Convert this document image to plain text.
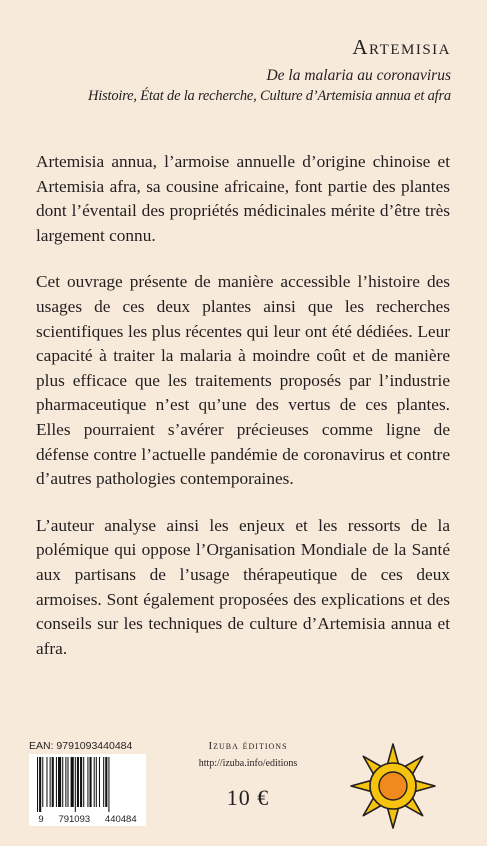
Artemisia
De la malaria au coronavirus
Histoire, État de la recherche, Culture d’Artemisia annua et afra

Artemisia annua, l’armoise annuelle d’origine chinoise et Artemisia afra, sa cousine africaine, font partie des plantes dont l’éventail des propriétés médicinales mérite d’être très largement connu.

Cet ouvrage présente de manière accessible l’histoire des usages de ces deux plantes ainsi que les recherches scientifiques les plus récentes qui leur ont été dédiées. Leur capacité à traiter la malaria à moindre coût et de manière plus efficace que les traitements proposés par l’industrie pharmaceutique n’est qu’une des vertus de ces plantes. Elles pourraient s’avérer précieuses comme ligne de défense contre l’actuelle pandémie de coronavirus et contre d’autres pathologies contemporaines.

L’auteur analyse ainsi les enjeux et les ressorts de la polémique qui oppose l’Organisation Mondiale de la Santé aux partisans de l’usage thérapeutique de ces deux armoises. Sont également proposées des explications et des conseils sur les techniques de culture d’Artemisia annua et afra.

EAN: 9791093440484
9 791093 440484
Izuba éditions
http://izuba.info/editions
10 €
